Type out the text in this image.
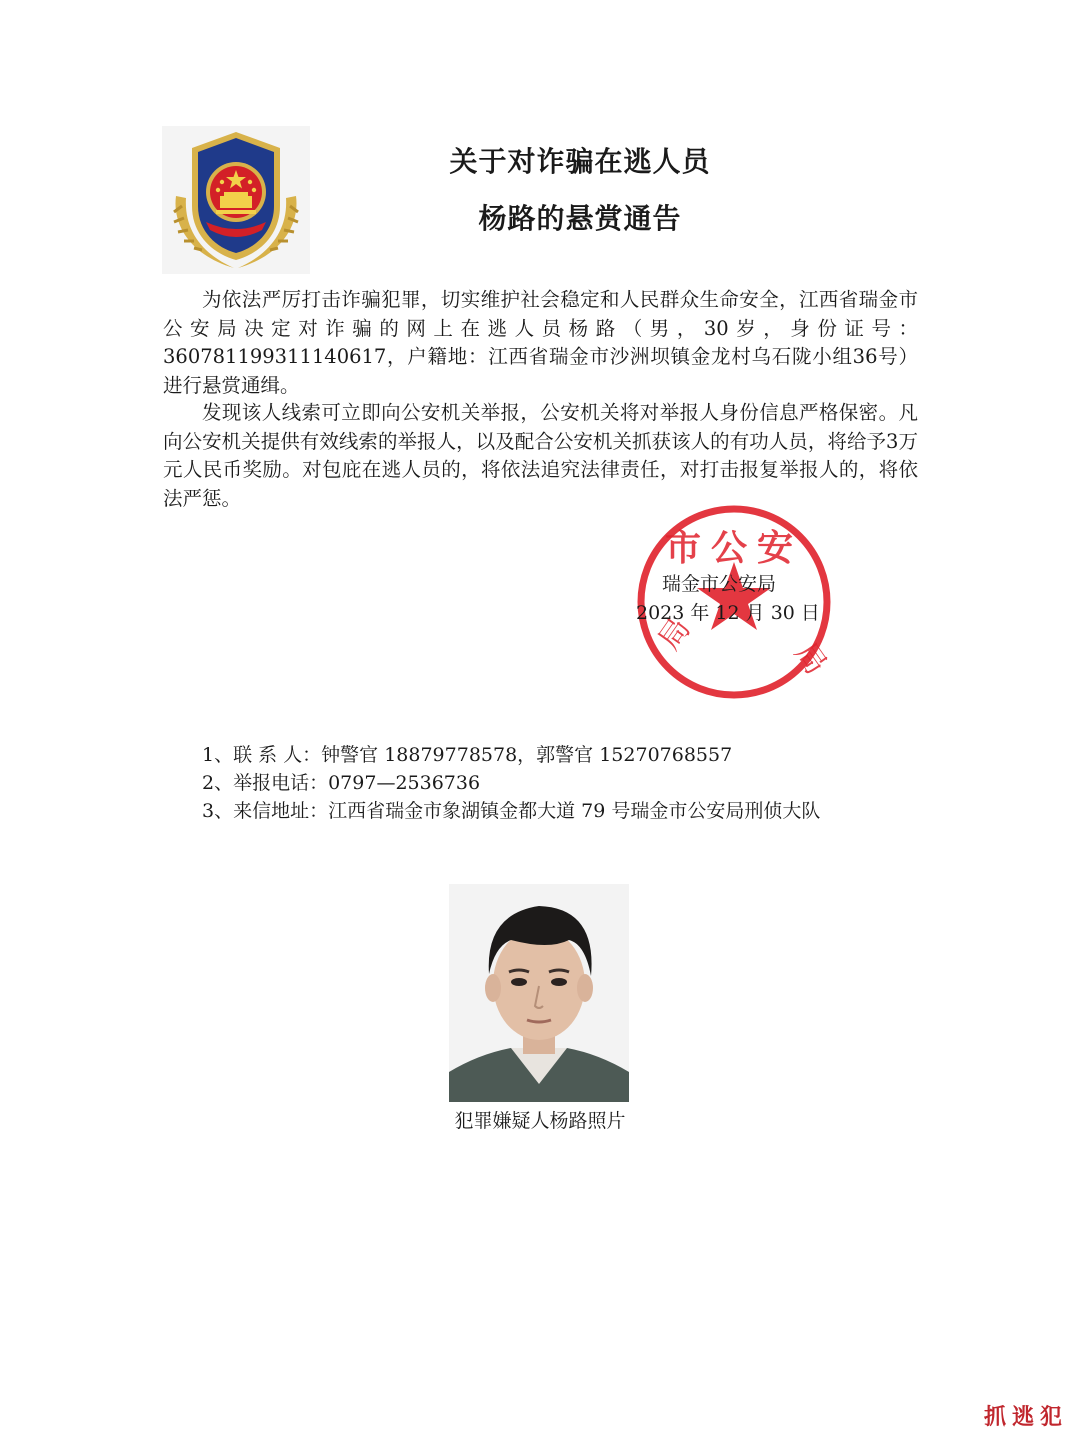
关于对诈骗在逃人员
杨路的悬赏通告
为依法严厉打击诈骗犯罪，切实维护社会稳定和人民群众生命安全，江西省瑞金市公安局决定对诈骗的网上在逃人员杨路（男，30岁，身份证号：360781199311140617，户籍地：江西省瑞金市沙洲坝镇金龙村乌石陇小组36号）进行悬赏通缉。
发现该人线索可立即向公安机关举报，公安机关将对举报人身份信息严格保密。凡向公安机关提供有效线索的举报人，以及配合公安机关抓获该人的有功人员，将给予3万元人民币奖励。对包庇在逃人员的，将依法追究法律责任，对打击报复举报人的，将依法严惩。
市公安
局
局
瑞金市公安局
2023 年 12 月 30 日
1、联 系 人：钟警官 18879778578，郭警官 15270768557
2、举报电话：0797—2536736
3、来信地址：江西省瑞金市象湖镇金都大道 79 号瑞金市公安局刑侦大队
犯罪嫌疑人杨路照片
抓逃犯
